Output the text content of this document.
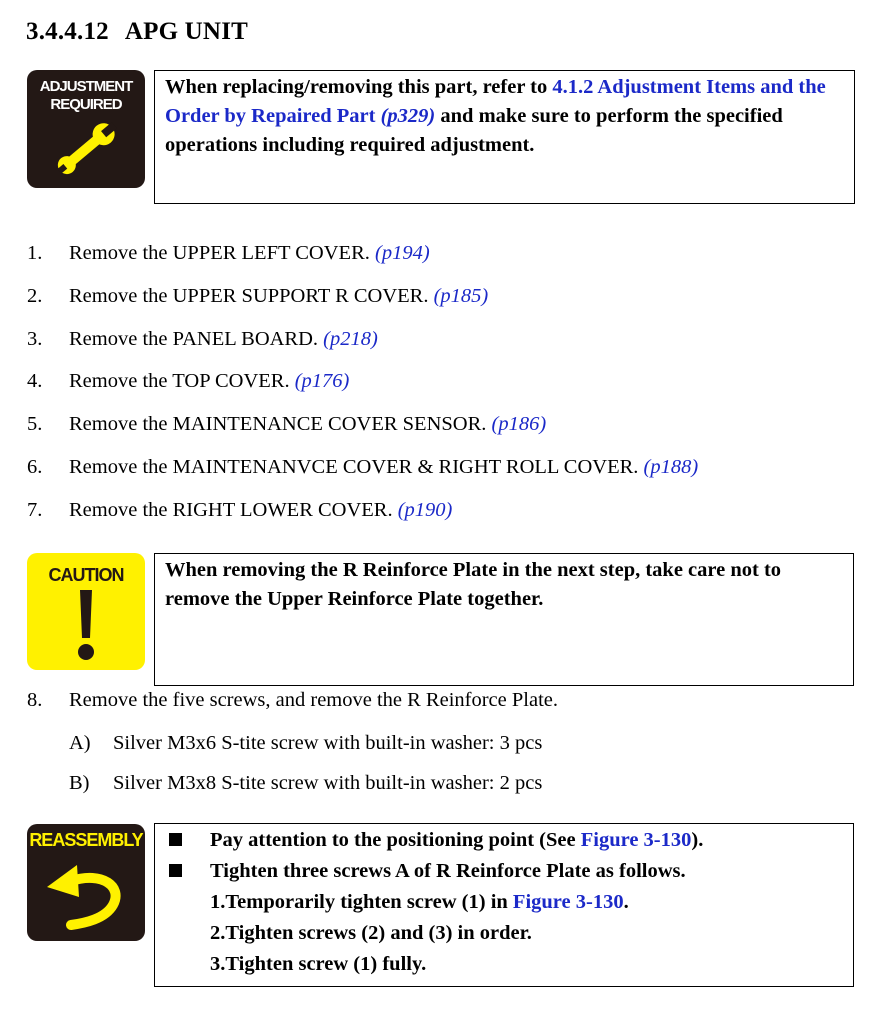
3.4.4.12 APG UNIT
ADJUSTMENT
REQUIRED
When replacing/removing this part, refer to 4.1.2 Adjustment Items and the Order by Repaired Part (p329) and make sure to perform the specified operations including required adjustment.
1. Remove the UPPER LEFT COVER. (p194)
2. Remove the UPPER SUPPORT R COVER. (p185)
3. Remove the PANEL BOARD. (p218)
4. Remove the TOP COVER. (p176)
5. Remove the MAINTENANCE COVER SENSOR. (p186)
6. Remove the MAINTENANVCE COVER & RIGHT ROLL COVER. (p188)
7. Remove the RIGHT LOWER COVER. (p190)
CAUTION	When removing the R Reinforce Plate in the next step, take care not to remove the Upper Reinforce Plate together.
8. Remove the five screws, and remove the R Reinforce Plate.
A) Silver M3x6 S-tite screw with built-in washer: 3 pcs
B) Silver M3x8 S-tite screw with built-in washer: 2 pcs
REASSEMBLY	Pay attention to the positioning point (See Figure 3-130).
Tighten three screws A of R Reinforce Plate as follows.
1.Temporarily tighten screw (1) in Figure 3-130.
2.Tighten screws (2) and (3) in order.
3.Tighten screw (1) fully.
